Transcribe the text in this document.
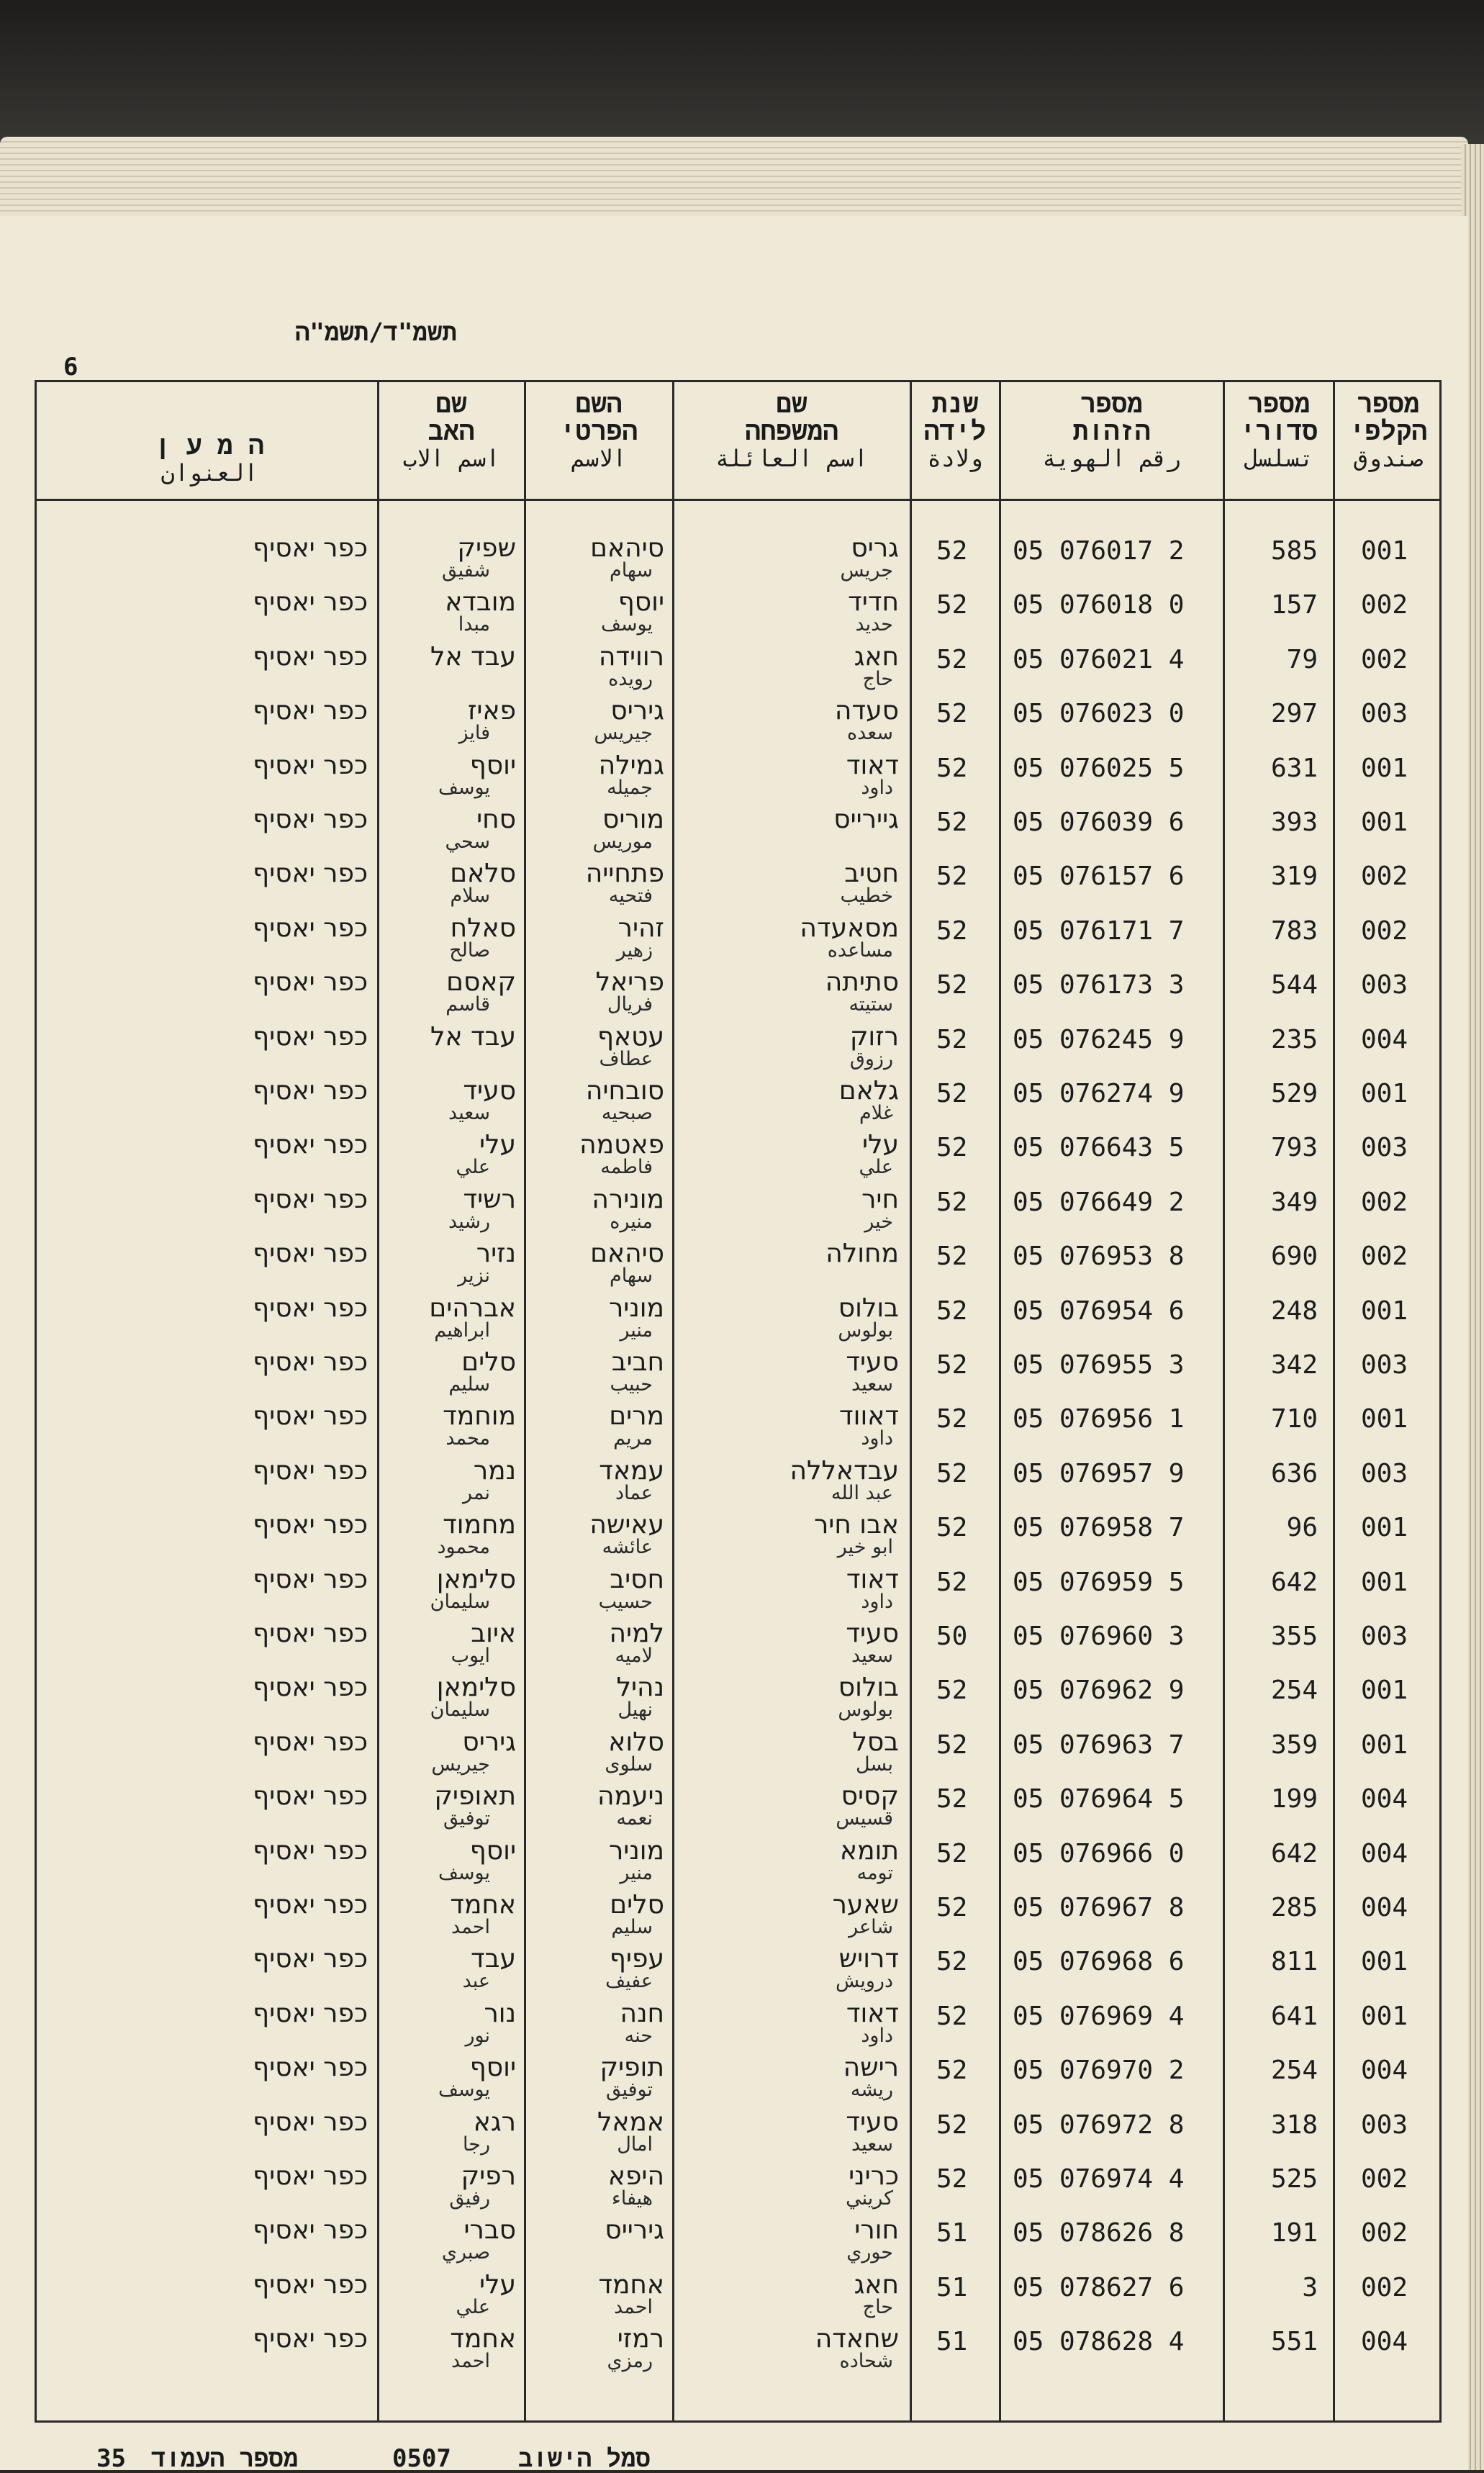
תשמ"ד/תשמ"ה
6
ה מ ע ן
العنوان
שם
האב
اسم الاب
השם
הפרטי
الاسم
שם
המשפחה
اسم العائلة
שנת
לידה
ولادة
מספר
הזהות
رقم الهوية
מספר
סדורי
تسلسل
מספר
הקלפי
صندوق
001
585
05 076017 2
52
גריס
جريس
סיהאם
سهام
שפיק
شفيق
כפר יאסיף
002
157
05 076018 0
52
חדיד
حديد
יוסף
يوسف
מובדא
مبدا
כפר יאסיף
002
79
05 076021 4
52
חאג
حاج
רווידה
رويده
עבד אל
כפר יאסיף
003
297
05 076023 0
52
סעדה
سعده
גיריס
جيريس
פאיז
فايز
כפר יאסיף
001
631
05 076025 5
52
דאוד
داود
גמילה
جميله
יוסף
يوسف
כפר יאסיף
001
393
05 076039 6
52
גיירייס
מוריס
موريس
סחי
سحي
כפר יאסיף
002
319
05 076157 6
52
חטיב
خطيب
פתחייה
فتحيه
סלאם
سلام
כפר יאסיף
002
783
05 076171 7
52
מסאעדה
مساعده
זהיר
زهير
סאלח
صالح
כפר יאסיף
003
544
05 076173 3
52
סתיתה
ستيته
פריאל
فريال
קאסם
قاسم
כפר יאסיף
004
235
05 076245 9
52
רזוק
رزوق
עטאף
عطاف
עבד אל
כפר יאסיף
001
529
05 076274 9
52
גלאם
غلام
סובחיה
صبحيه
סעיד
سعيد
כפר יאסיף
003
793
05 076643 5
52
עלי
علي
פאטמה
فاطمه
עלי
علي
כפר יאסיף
002
349
05 076649 2
52
חיר
خير
מונירה
منيره
רשיד
رشيد
כפר יאסיף
002
690
05 076953 8
52
מחולה
סיהאם
سهام
נזיר
نزير
כפר יאסיף
001
248
05 076954 6
52
בולוס
بولوس
מוניר
منير
אברהים
ابراهيم
כפר יאסיף
003
342
05 076955 3
52
סעיד
سعيد
חביב
حبيب
סלים
سليم
כפר יאסיף
001
710
05 076956 1
52
דאווד
داود
מרים
مريم
מוחמד
محمد
כפר יאסיף
003
636
05 076957 9
52
עבדאללה
عبد الله
עמאד
عماد
נמר
نمر
כפר יאסיף
001
96
05 076958 7
52
אבו חיר
ابو خير
עאישה
عائشه
מחמוד
محمود
כפר יאסיף
001
642
05 076959 5
52
דאוד
داود
חסיב
حسيب
סלימאן
سليمان
כפר יאסיף
003
355
05 076960 3
50
סעיד
سعيد
למיה
لاميه
איוב
ايوب
כפר יאסיף
001
254
05 076962 9
52
בולוס
بولوس
נהיל
نهيل
סלימאן
سليمان
כפר יאסיף
001
359
05 076963 7
52
בסל
بسل
סלוא
سلوى
גיריס
جيريس
כפר יאסיף
004
199
05 076964 5
52
קסיס
قسيس
ניעמה
نعمه
תאופיק
توفيق
כפר יאסיף
004
642
05 076966 0
52
תומא
تومه
מוניר
منير
יוסף
يوسف
כפר יאסיף
004
285
05 076967 8
52
שאער
شاعر
סלים
سليم
אחמד
احمد
כפר יאסיף
001
811
05 076968 6
52
דרויש
درويش
עפיף
عفيف
עבד
عبد
כפר יאסיף
001
641
05 076969 4
52
דאוד
داود
חנה
حنه
נור
نور
כפר יאסיף
004
254
05 076970 2
52
רישה
ريشه
תופיק
توفيق
יוסף
يوسف
כפר יאסיף
003
318
05 076972 8
52
סעיד
سعيد
אמאל
امال
רגא
رجا
כפר יאסיף
002
525
05 076974 4
52
כריני
كريني
היפא
هيفاء
רפיק
رفيق
כפר יאסיף
002
191
05 078626 8
51
חורי
حوري
גירייס
סברי
صبري
כפר יאסיף
002
3
05 078627 6
51
חאג
حاج
אחמד
احمد
עלי
علي
כפר יאסיף
004
551
05 078628 4
51
שחאדה
شحاده
רמזי
رمزي
אחמד
احمد
כפר יאסיף
35 מספר העמוד	0507	סמל הישוב
